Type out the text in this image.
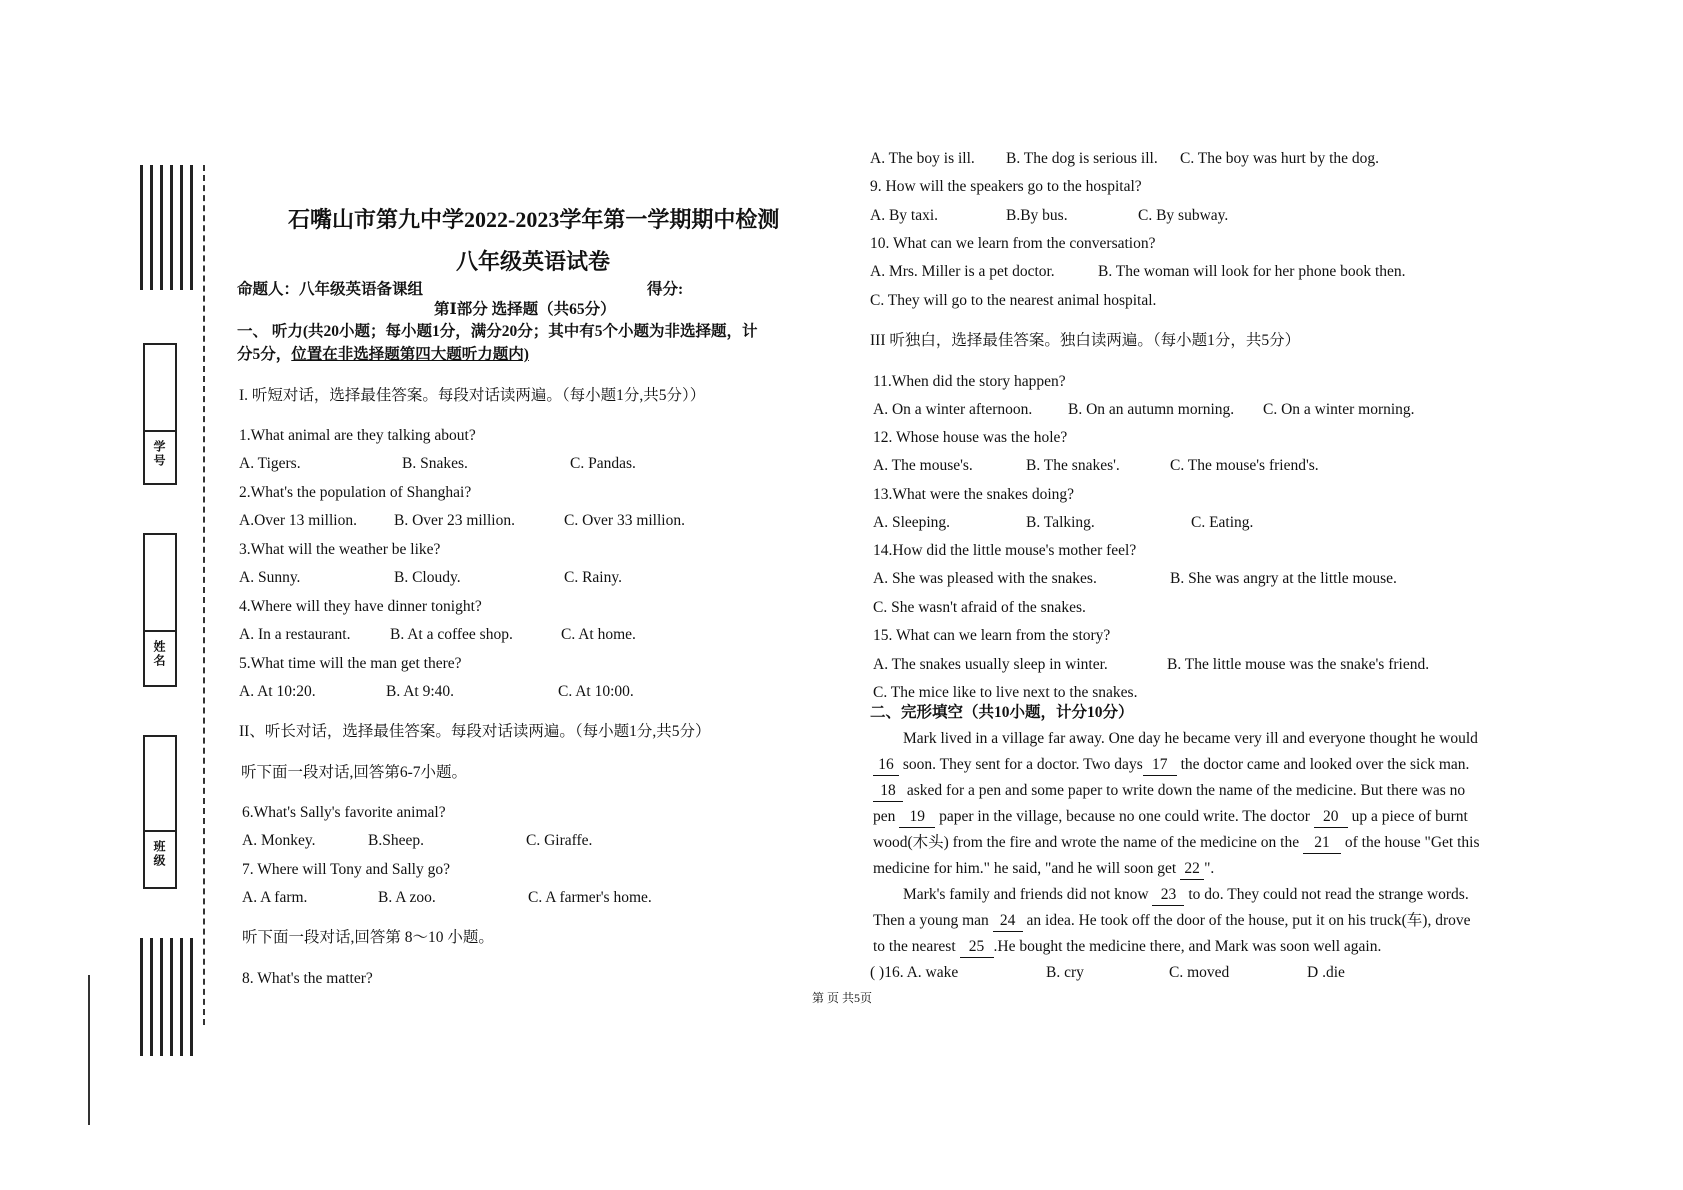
学号
姓名
班级
石嘴山市第九中学2022-2023学年第一学期期中检测
八年级英语试卷
命题人：八年级英语备课组	得分:
第Ⅰ部分 选择题（共65分）
一、 听力(共20小题；每小题1分，满分20分；其中有5个小题为非选择题，计
分5分，位置在非选择题第四大题听力题内)
I. 听短对话，选择最佳答案。每段对话读两遍。（每小题1分,共5分））
1.What animal are they talking about?
A. Tigers.	B. Snakes.	C. Pandas.
2.What's the population of Shanghai?
A.Over 13 million. B. Over 23 million.	C. Over 33 million.
3.What will the weather be like?
A. Sunny.	B. Cloudy.	C. Rainy.
4.Where will they have dinner tonight?
A. In a restaurant.	B. At a coffee shop.	C. At home.
5.What time will the man get there?
A. At 10:20.	B. At 9:40.	C. At 10:00.
II、听长对话，选择最佳答案。每段对话读两遍。（每小题1分,共5分）
听下面一段对话,回答第6-7小题。
6.What's Sally's favorite animal?
A. Monkey.	B.Sheep.	C. Giraffe.
7. Where will Tony and Sally go?
A. A farm.	B. A zoo.	C. A farmer's home.
听下面一段对话,回答第 8～10 小题。
8. What's the matter?
A. The boy is ill. B. The dog is serious ill. C. The boy was hurt by the dog.
9. How will the speakers go to the hospital?
A. By taxi.	B.By bus.	C. By subway.
10. What can we learn from the conversation?
A. Mrs. Miller is a pet doctor.	B. The woman will look for her phone book then.
C. They will go to the nearest animal hospital.
III 听独白，选择最佳答案。独白读两遍。（每小题1分，共5分）
11.When did the story happen?
A. On a winter afternoon. B. On an autumn morning. C. On a winter morning.
12. Whose house was the hole?
A. The mouse's.	B. The snakes'.	C. The mouse's friend's.
13.What were the snakes doing?
A. Sleeping.	B. Talking.	C. Eating.
14.How did the little mouse's mother feel?
A. She was pleased with the snakes.	B. She was angry at the little mouse.
C. She wasn't afraid of the snakes.
15. What can we learn from the story?
A. The snakes usually sleep in winter.	B. The little mouse was the snake's friend.
C. The mice like to live next to the snakes.
二、完形填空（共10小题，计分10分）
Mark lived in a village far away. One day he became very ill and everyone thought he would
16 soon. They sent for a doctor. Two days 17 the doctor came and looked over the sick man.
18 asked for a pen and some paper to write down the name of the medicine. But there was no
pen 19 paper in the village, because no one could write. The doctor 20 up a piece of burnt
wood(木头) from the fire and wrote the name of the medicine on the 21 of the house "Get this
medicine for him." he said, "and he will soon get 22 ".
Mark's family and friends did not know 23 to do. They could not read the strange words.
Then a young man 24 an idea. He took off the door of the house, put it on his truck(车), drove
to the nearest 25 .He bought the medicine there, and Mark was soon well again.
( )16. A. wake	B. cry	C. moved	D .die
第 页 共5页
